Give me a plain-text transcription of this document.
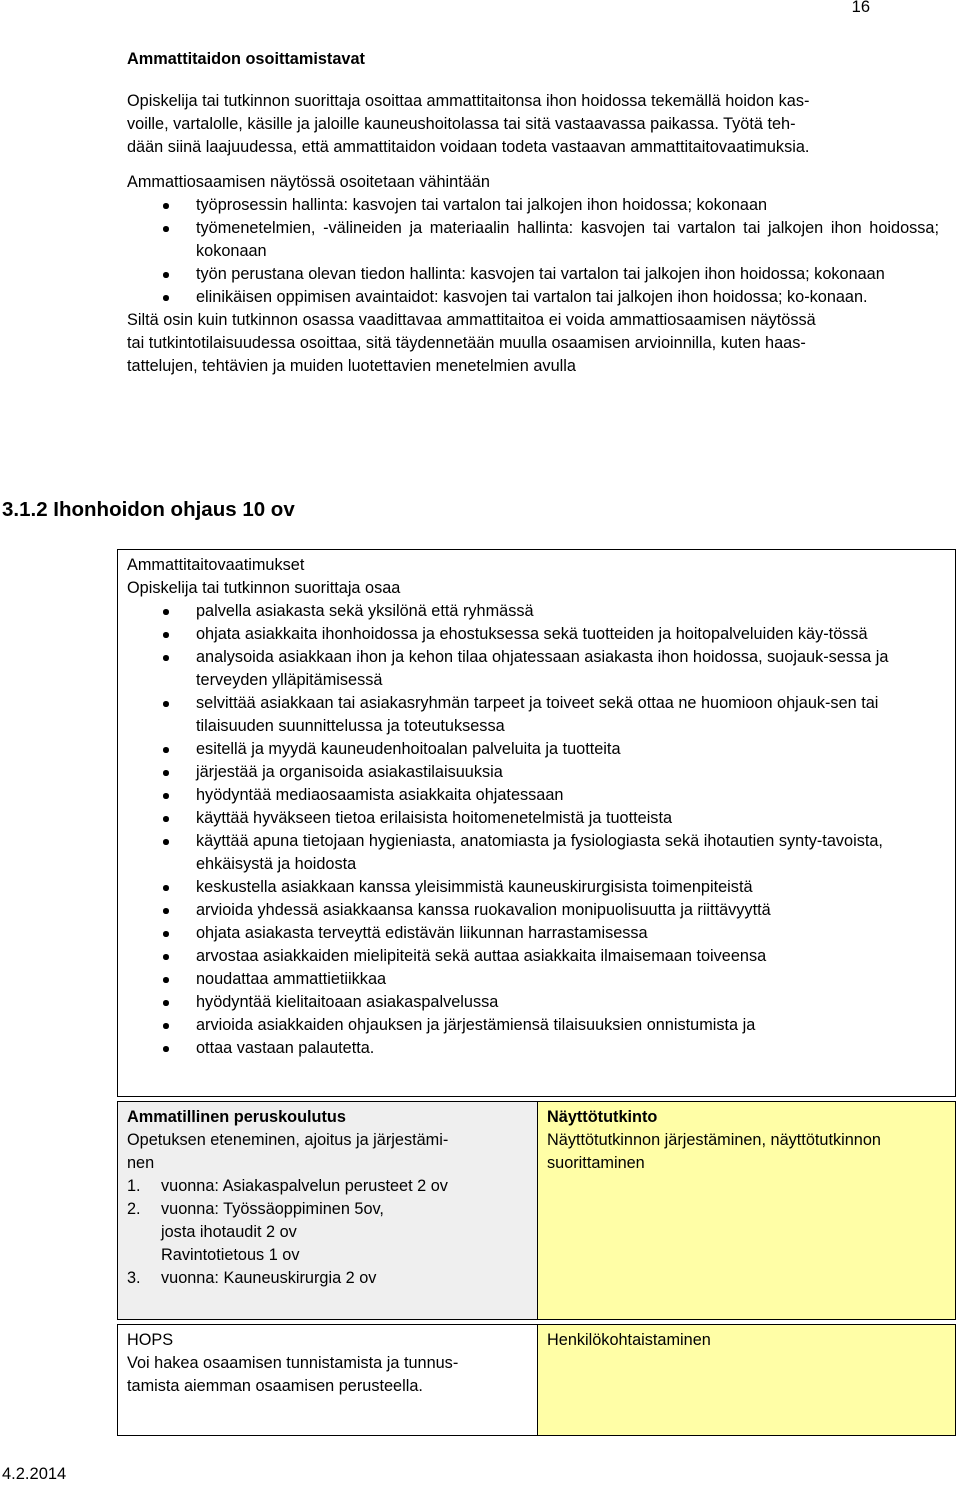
16
Ammattitaidon osoittamistavat
Opiskelija tai tutkinnon suorittaja osoittaa ammattitaitonsa ihon hoidossa tekemällä hoidon kas-
voille, vartalolle, käsille ja jaloille kauneushoitolassa tai sitä vastaavassa paikassa. Työtä teh-
dään siinä laajuudessa, että ammattitaidon voidaan todeta vastaavan ammattitaitovaatimuksia.
Ammattiosaamisen näytössä osoitetaan vähintään
työprosessin hallinta: kasvojen tai vartalon tai jalkojen ihon hoidossa; kokonaan
työmenetelmien, -välineiden ja materiaalin hallinta: kasvojen tai vartalon tai jalkojen ihon hoidossa; kokonaan
työn perustana olevan tiedon hallinta: kasvojen tai vartalon tai jalkojen ihon hoidossa; kokonaan
elinikäisen oppimisen avaintaidot: kasvojen tai vartalon tai jalkojen ihon hoidossa; ko-konaan.
Siltä osin kuin tutkinnon osassa vaadittavaa ammattitaitoa ei voida ammattiosaamisen näytössä
tai tutkintotilaisuudessa osoittaa, sitä täydennetään muulla osaamisen arvioinnilla, kuten haas-
tattelujen, tehtävien ja muiden luotettavien menetelmien avulla
3.1.2 Ihonhoidon ohjaus 10 ov
Ammattitaitovaatimukset
Opiskelija tai tutkinnon suorittaja osaa
palvella asiakasta sekä yksilönä että ryhmässä
ohjata asiakkaita ihonhoidossa ja ehostuksessa sekä tuotteiden ja hoitopalveluiden käy-tössä
analysoida asiakkaan ihon ja kehon tilaa ohjatessaan asiakasta ihon hoidossa, suojauk-sessa ja terveyden ylläpitämisessä
selvittää asiakkaan tai asiakasryhmän tarpeet ja toiveet sekä ottaa ne huomioon ohjauk-sen tai tilaisuuden suunnittelussa ja toteutuksessa
esitellä ja myydä kauneudenhoitoalan palveluita ja tuotteita
järjestää ja organisoida asiakastilaisuuksia
hyödyntää mediaosaamista asiakkaita ohjatessaan
käyttää hyväkseen tietoa erilaisista hoitomenetelmistä ja tuotteista
käyttää apuna tietojaan hygieniasta, anatomiasta ja fysiologiasta sekä ihotautien synty-tavoista, ehkäisystä ja hoidosta
keskustella asiakkaan kanssa yleisimmistä kauneuskirurgisista toimenpiteistä
arvioida yhdessä asiakkaansa kanssa ruokavalion monipuolisuutta ja riittävyyttä
ohjata asiakasta terveyttä edistävän liikunnan harrastamisessa
arvostaa asiakkaiden mielipiteitä sekä auttaa asiakkaita ilmaisemaan toiveensa
noudattaa ammattietiikkaa
hyödyntää kielitaitoaan asiakaspalvelussa
arvioida asiakkaiden ohjauksen ja järjestämiensä tilaisuuksien onnistumista ja
ottaa vastaan palautetta.
Ammatillinen peruskoulutus
Opetuksen eteneminen, ajoitus ja järjestämi-
nen
1. vuonna: Asiakaspalvelun perusteet 2 ov
2. vuonna: Työssäoppiminen 5ov,
josta ihotaudit 2 ov
Ravintotietous 1 ov
3. vuonna: Kauneuskirurgia 2 ov
Näyttötutkinto
Näyttötutkinnon järjestäminen, näyttötutkinnon
suorittaminen
HOPS
Voi hakea osaamisen tunnistamista ja tunnus-
tamista aiemman osaamisen perusteella.
Henkilökohtaistaminen
4.2.2014
